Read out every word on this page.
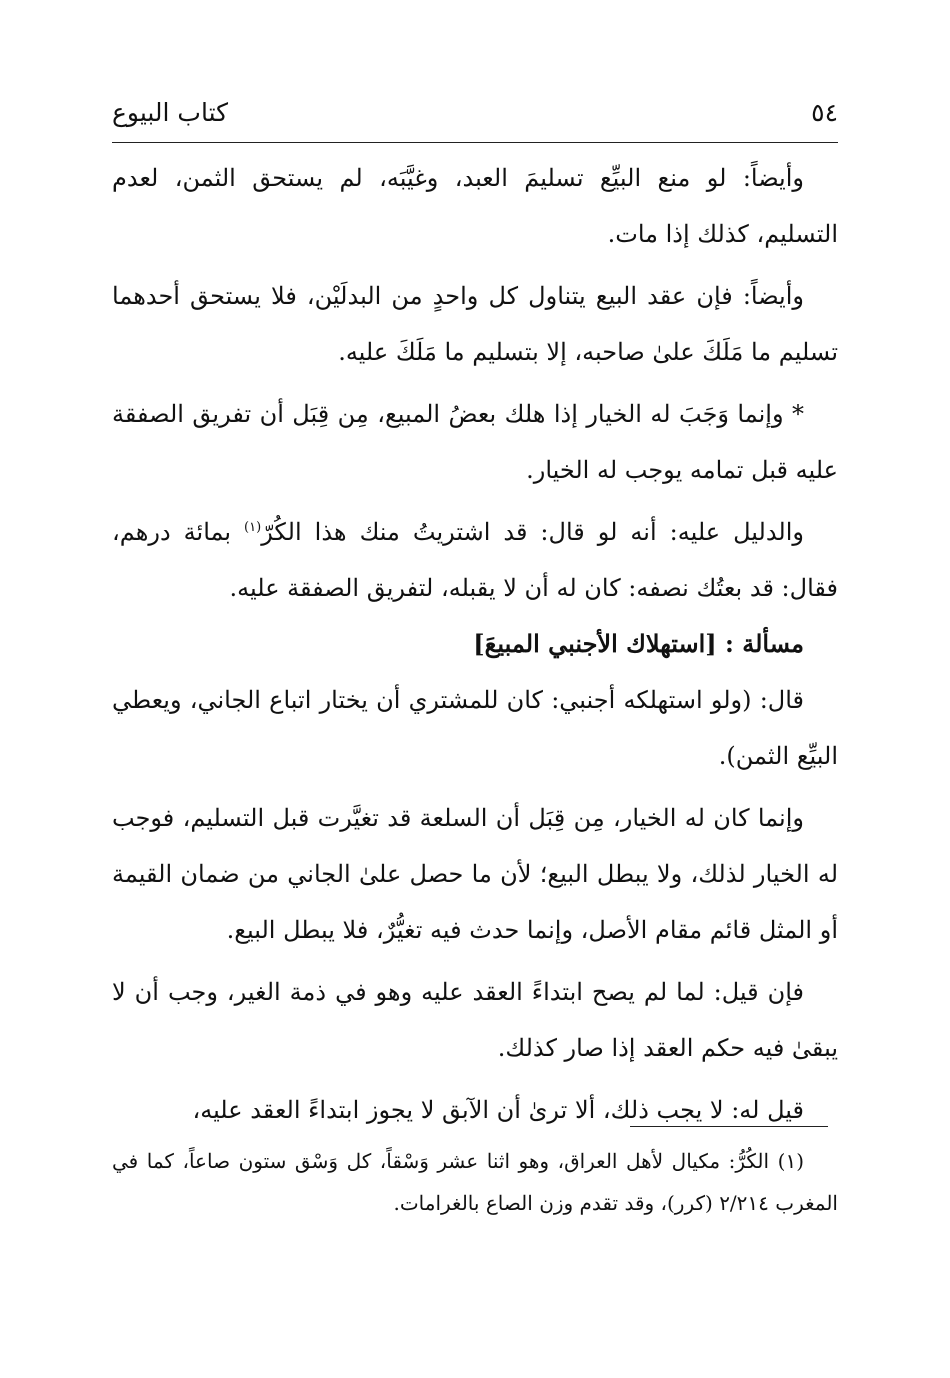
٥٤
كتاب البيوع

وأيضاً: لو منع البيِّع تسليمَ العبد، وغيَّبَه، لم يستحق الثمن، لعدم التسليم، كذلك إذا مات.

وأيضاً: فإن عقد البيع يتناول كل واحدٍ من البدلَيْن، فلا يستحق أحدهما تسليم ما مَلَكَ علىٰ صاحبه، إلا بتسليم ما مَلَكَ عليه.

* وإنما وَجَبَ له الخيار إذا هلك بعضُ المبيع، مِن قِبَل أن تفريق الصفقة عليه قبل تمامه يوجب له الخيار.

والدليل عليه: أنه لو قال: قد اشتريتُ منك هذا الكُرّ$^{(١)}$ بمائة درهم، فقال: قد بعتُك نصفه: كان له أن لا يقبله، لتفريق الصفقة عليه.

مسألة : [استهلاك الأجنبي المبيعَ]

قال: (ولو استهلكه أجنبي: كان للمشتري أن يختار اتباع الجاني، ويعطي البيِّع الثمن).

وإنما كان له الخيار، مِن قِبَل أن السلعة قد تغيَّرت قبل التسليم، فوجب له الخيار لذلك، ولا يبطل البيع؛ لأن ما حصل علىٰ الجاني من ضمان القيمة أو المثل قائم مقام الأصل، وإنما حدث فيه تغيُّرٌ، فلا يبطل البيع.

فإن قيل: لما لم يصح ابتداءً العقد عليه وهو في ذمة الغير، وجب أن لا يبقىٰ فيه حكم العقد إذا صار كذلك.

قيل له: لا يجب ذلك، ألا ترىٰ أن الآبق لا يجوز ابتداءً العقد عليه،

(١) الكُرُّ: مكيال لأهل العراق، وهو اثنا عشر وَسْقاً، كل وَسْق ستون صاعاً، كما في المغرب ٢/٢١٤ (كرر)، وقد تقدم وزن الصاع بالغرامات.
